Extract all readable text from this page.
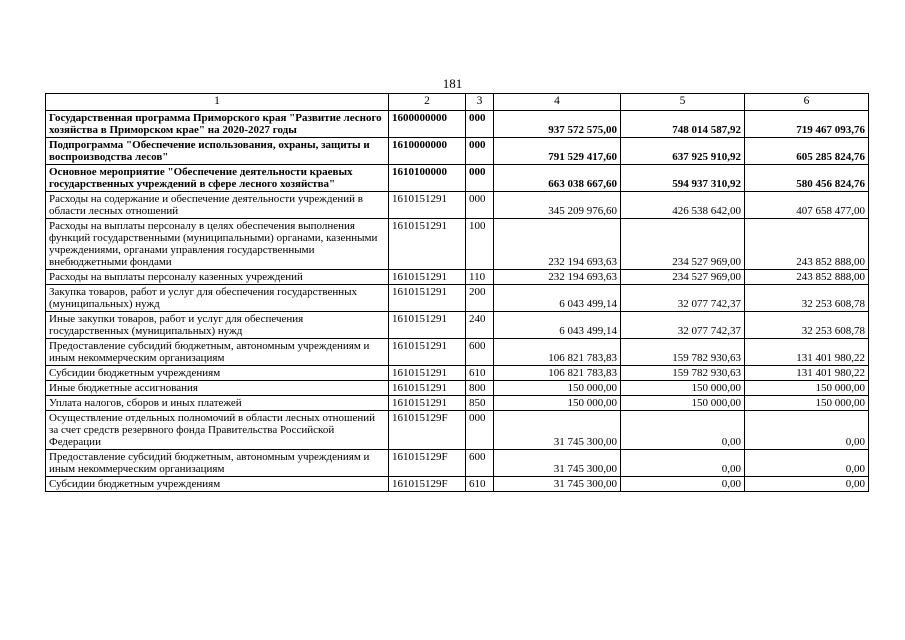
181
1	2	3	4	5	6
Государственная программа Приморского края "Развитие лесного хозяйства в Приморском крае" на 2020-2027 годы	1600000000	000	937 572 575,00	748 014 587,92	719 467 093,76
Подпрограмма "Обеспечение использования, охраны, защиты и воспроизводства лесов"	1610000000	000	791 529 417,60	637 925 910,92	605 285 824,76
Основное мероприятие "Обеспечение деятельности краевых государственных учреждений в сфере лесного хозяйства"	1610100000	000	663 038 667,60	594 937 310,92	580 456 824,76
Расходы на содержание и обеспечение деятельности учреждений в области лесных отношений	1610151291	000	345 209 976,60	426 538 642,00	407 658 477,00
Расходы на выплаты персоналу в целях обеспечения выполнения функций государственными (муниципальными) органами, казенными учреждениями, органами управления государственными внебюджетными фондами	1610151291	100	232 194 693,63	234 527 969,00	243 852 888,00
Расходы на выплаты персоналу казенных учреждений	1610151291	110	232 194 693,63	234 527 969,00	243 852 888,00
Закупка товаров, работ и услуг для обеспечения государственных (муниципальных) нужд	1610151291	200	6 043 499,14	32 077 742,37	32 253 608,78
Иные закупки товаров, работ и услуг для обеспечения государственных (муниципальных) нужд	1610151291	240	6 043 499,14	32 077 742,37	32 253 608,78
Предоставление субсидий бюджетным, автономным учреждениям и иным некоммерческим организациям	1610151291	600	106 821 783,83	159 782 930,63	131 401 980,22
Субсидии бюджетным учреждениям	1610151291	610	106 821 783,83	159 782 930,63	131 401 980,22
Иные бюджетные ассигнования	1610151291	800	150 000,00	150 000,00	150 000,00
Уплата налогов, сборов и иных платежей	1610151291	850	150 000,00	150 000,00	150 000,00
Осуществление отдельных полномочий в области лесных отношений за счет средств резервного фонда Правительства Российской Федерации	161015129F	000	31 745 300,00	0,00	0,00
Предоставление субсидий бюджетным, автономным учреждениям и иным некоммерческим организациям	161015129F	600	31 745 300,00	0,00	0,00
Субсидии бюджетным учреждениям	161015129F	610	31 745 300,00	0,00	0,00
